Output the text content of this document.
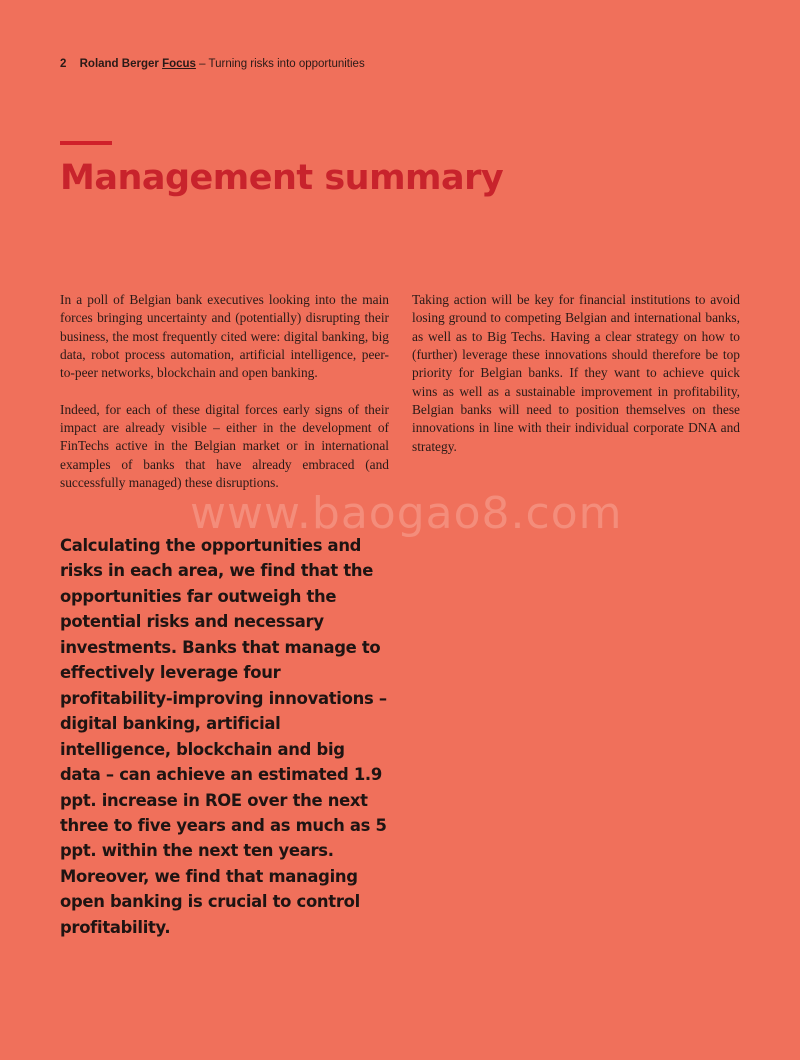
2 Roland Berger Focus – Turning risks into opportunities
Management summary

In a poll of Belgian bank executives looking into the main forces bringing uncertainty and (potentially) disrupting their business, the most frequently cited were: digital banking, big data, robot process automation, artificial intelligence, peer-to-peer networks, blockchain and open banking.

Indeed, for each of these digital forces early signs of their impact are already visible – either in the development of FinTechs active in the Belgian market or in international examples of banks that have already embraced (and successfully managed) these disruptions.

Calculating the opportunities and risks in each area, we find that the opportunities far outweigh the potential risks and necessary investments. Banks that manage to effectively leverage four profitability-improving innovations – digital banking, artificial intelligence, blockchain and big data – can achieve an estimated 1.9 ppt. increase in ROE over the next three to five years and as much as 5 ppt. within the next ten years. Moreover, we find that managing open banking is crucial to control profitability.

Taking action will be key for financial institutions to avoid losing ground to competing Belgian and international banks, as well as to Big Techs. Having a clear strategy on how to (further) leverage these innovations should therefore be top priority for Belgian banks. If they want to achieve quick wins as well as a sustainable improvement in profitability, Belgian banks will need to position themselves on these innovations in line with their individual corporate DNA and strategy.

www.baogao8.com
